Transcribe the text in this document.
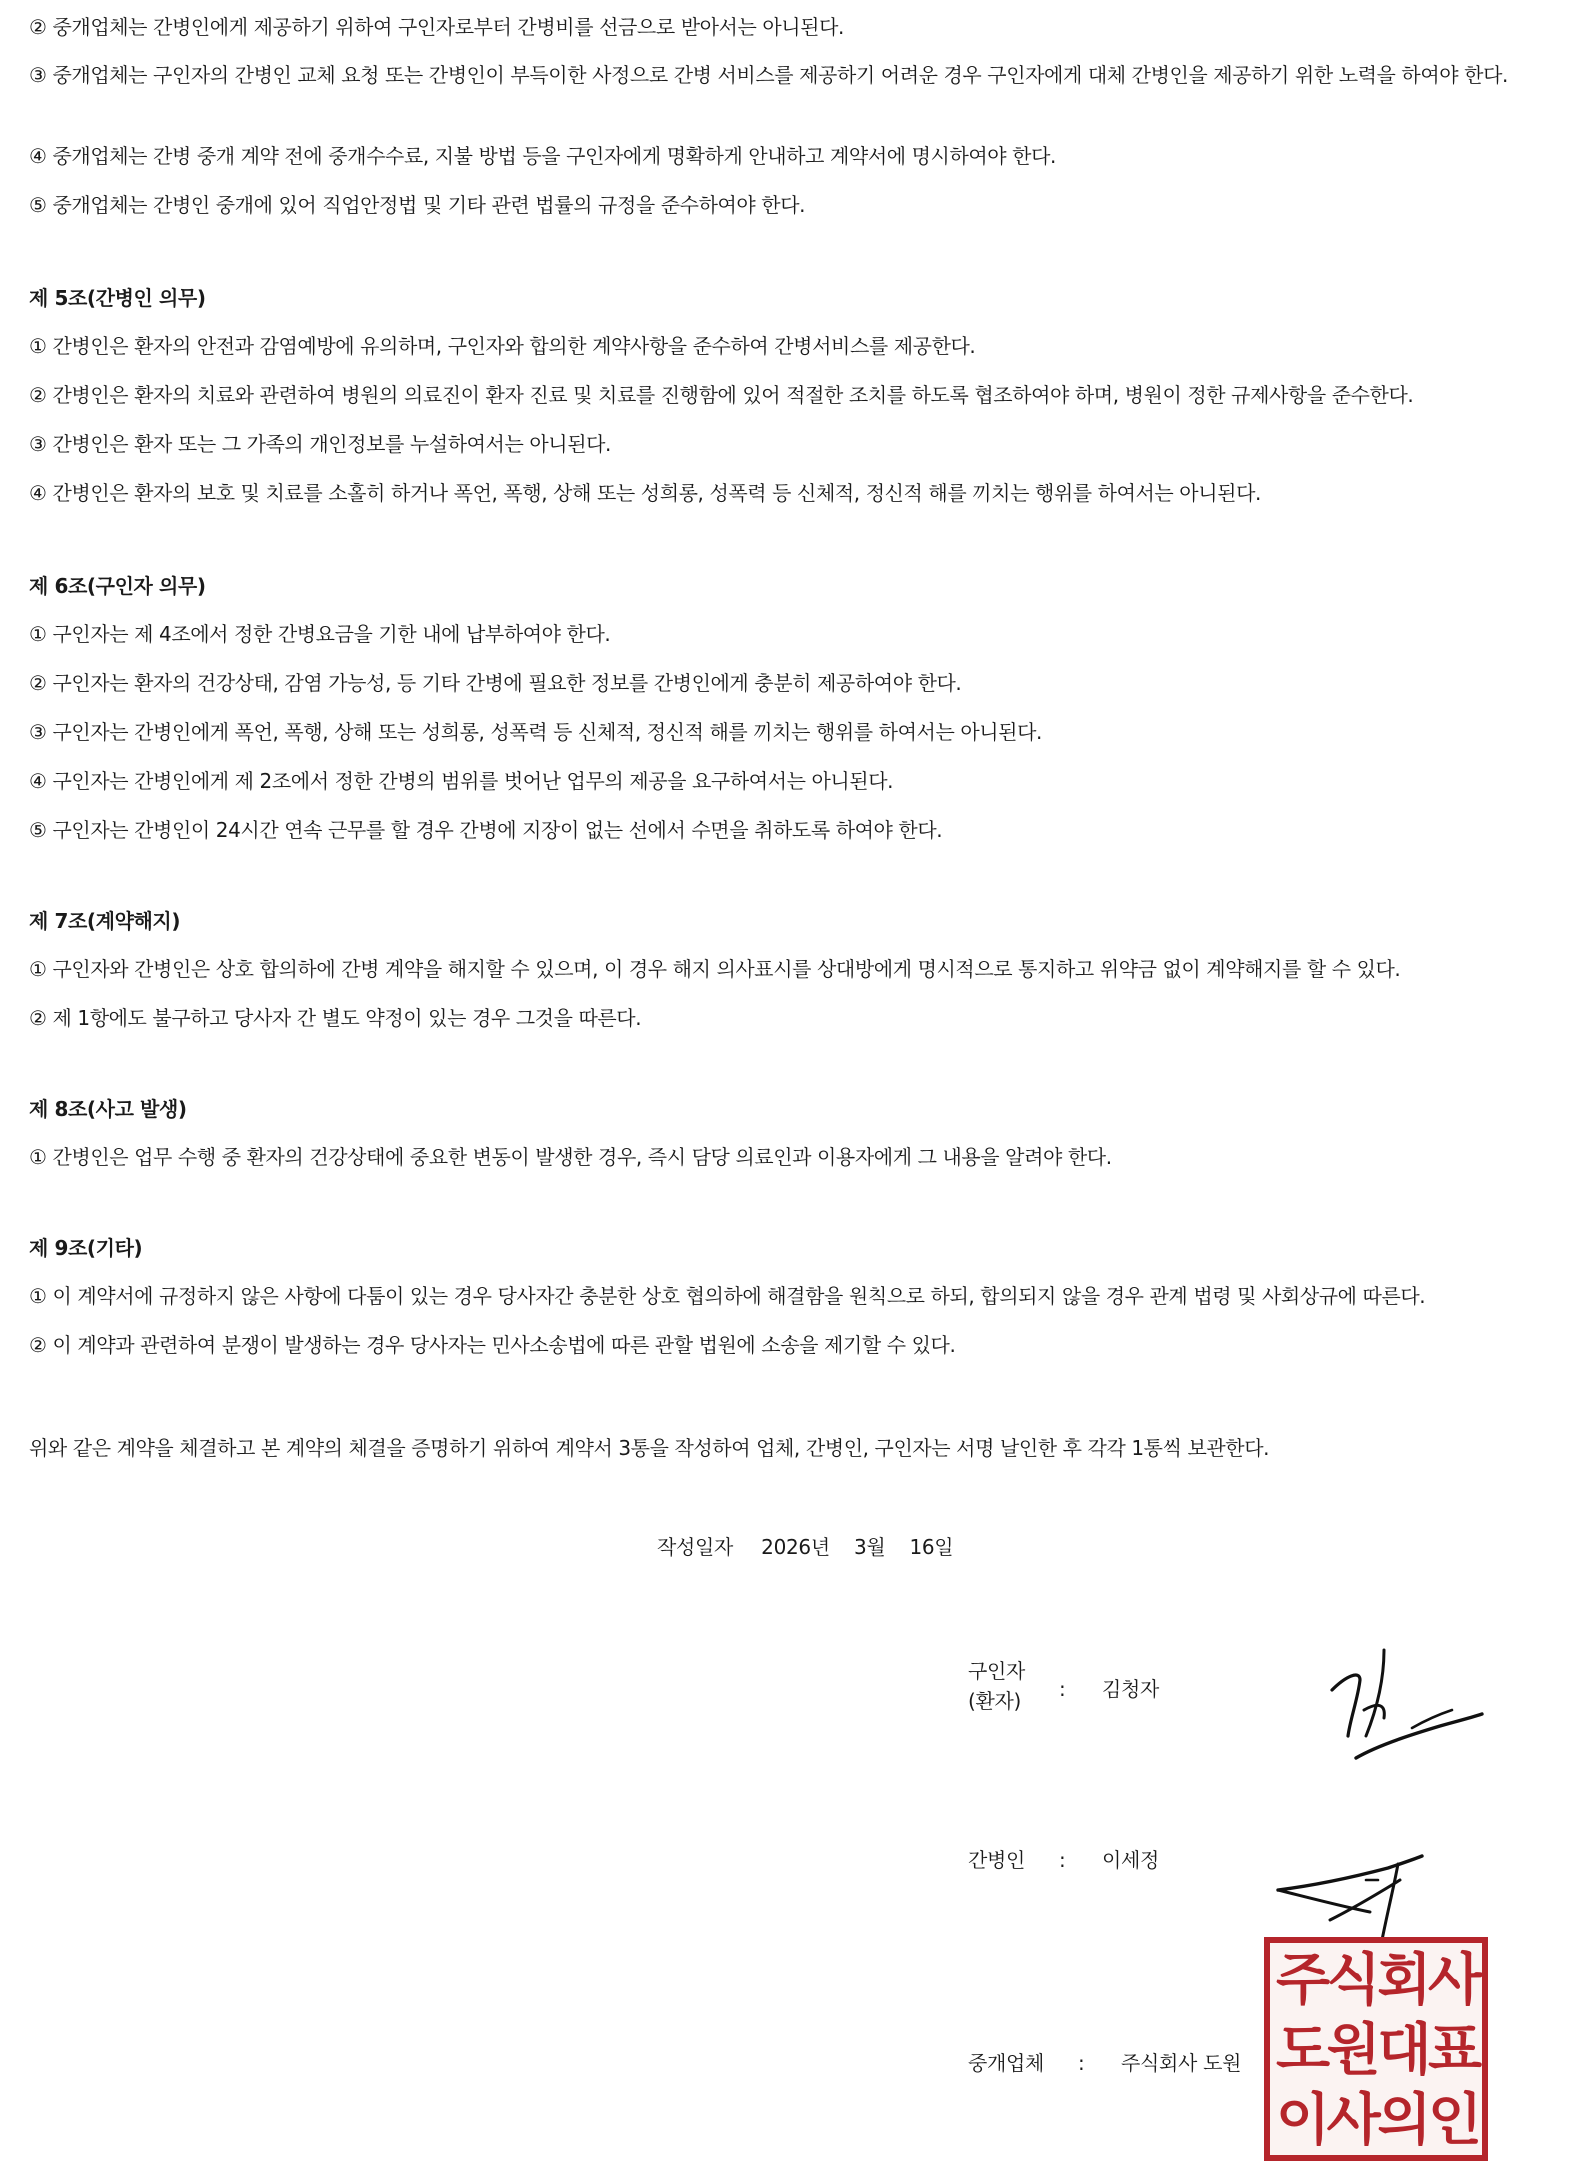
② 중개업체는 간병인에게 제공하기 위하여 구인자로부터 간병비를 선금으로 받아서는 아니된다.
③ 중개업체는 구인자의 간병인 교체 요청 또는 간병인이 부득이한 사정으로 간병 서비스를 제공하기 어려운 경우 구인자에게 대체 간병인을 제공하기 위한 노력을 하여야 한다.
④ 중개업체는 간병 중개 계약 전에 중개수수료, 지불 방법 등을 구인자에게 명확하게 안내하고 계약서에 명시하여야 한다.
⑤ 중개업체는 간병인 중개에 있어 직업안정법 및 기타 관련 법률의 규정을 준수하여야 한다.
제 5조(간병인 의무)
① 간병인은 환자의 안전과 감염예방에 유의하며, 구인자와 합의한 계약사항을 준수하여 간병서비스를 제공한다.
② 간병인은 환자의 치료와 관련하여 병원의 의료진이 환자 진료 및 치료를 진행함에 있어 적절한 조치를 하도록 협조하여야 하며, 병원이 정한 규제사항을 준수한다.
③ 간병인은 환자 또는 그 가족의 개인정보를 누설하여서는 아니된다.
④ 간병인은 환자의 보호 및 치료를 소홀히 하거나 폭언, 폭행, 상해 또는 성희롱, 성폭력 등 신체적, 정신적 해를 끼치는 행위를 하여서는 아니된다.
제 6조(구인자 의무)
① 구인자는 제 4조에서 정한 간병요금을 기한 내에 납부하여야 한다.
② 구인자는 환자의 건강상태, 감염 가능성, 등 기타 간병에 필요한 정보를 간병인에게 충분히 제공하여야 한다.
③ 구인자는 간병인에게 폭언, 폭행, 상해 또는 성희롱, 성폭력 등 신체적, 정신적 해를 끼치는 행위를 하여서는 아니된다.
④ 구인자는 간병인에게 제 2조에서 정한 간병의 범위를 벗어난 업무의 제공을 요구하여서는 아니된다.
⑤ 구인자는 간병인이 24시간 연속 근무를 할 경우 간병에 지장이 없는 선에서 수면을 취하도록 하여야 한다.
제 7조(계약해지)
① 구인자와 간병인은 상호 합의하에 간병 계약을 해지할 수 있으며, 이 경우 해지 의사표시를 상대방에게 명시적으로 통지하고 위약금 없이 계약해지를 할 수 있다.
② 제 1항에도 불구하고 당사자 간 별도 약정이 있는 경우 그것을 따른다.
제 8조(사고 발생)
① 간병인은 업무 수행 중 환자의 건강상태에 중요한 변동이 발생한 경우, 즉시 담당 의료인과 이용자에게 그 내용을 알려야 한다.
제 9조(기타)
① 이 계약서에 규정하지 않은 사항에 다툼이 있는 경우 당사자간 충분한 상호 협의하에 해결함을 원칙으로 하되, 합의되지 않을 경우 관계 법령 및 사회상규에 따른다.
② 이 계약과 관련하여 분쟁이 발생하는 경우 당사자는 민사소송법에 따른 관할 법원에 소송을 제기할 수 있다.
위와 같은 계약을 체결하고 본 계약의 체결을 증명하기 위하여 계약서 3통을 작성하여 업체, 간병인, 구인자는 서명 날인한 후 각각 1통씩 보관한다.
작성일자 2026년 3월 16일
구인자
(환자) : 김청자
간병인 : 이세정
중개업체 : 주식회사 도원
주
식
회
사
도
원
대
표
이
사
의
인
